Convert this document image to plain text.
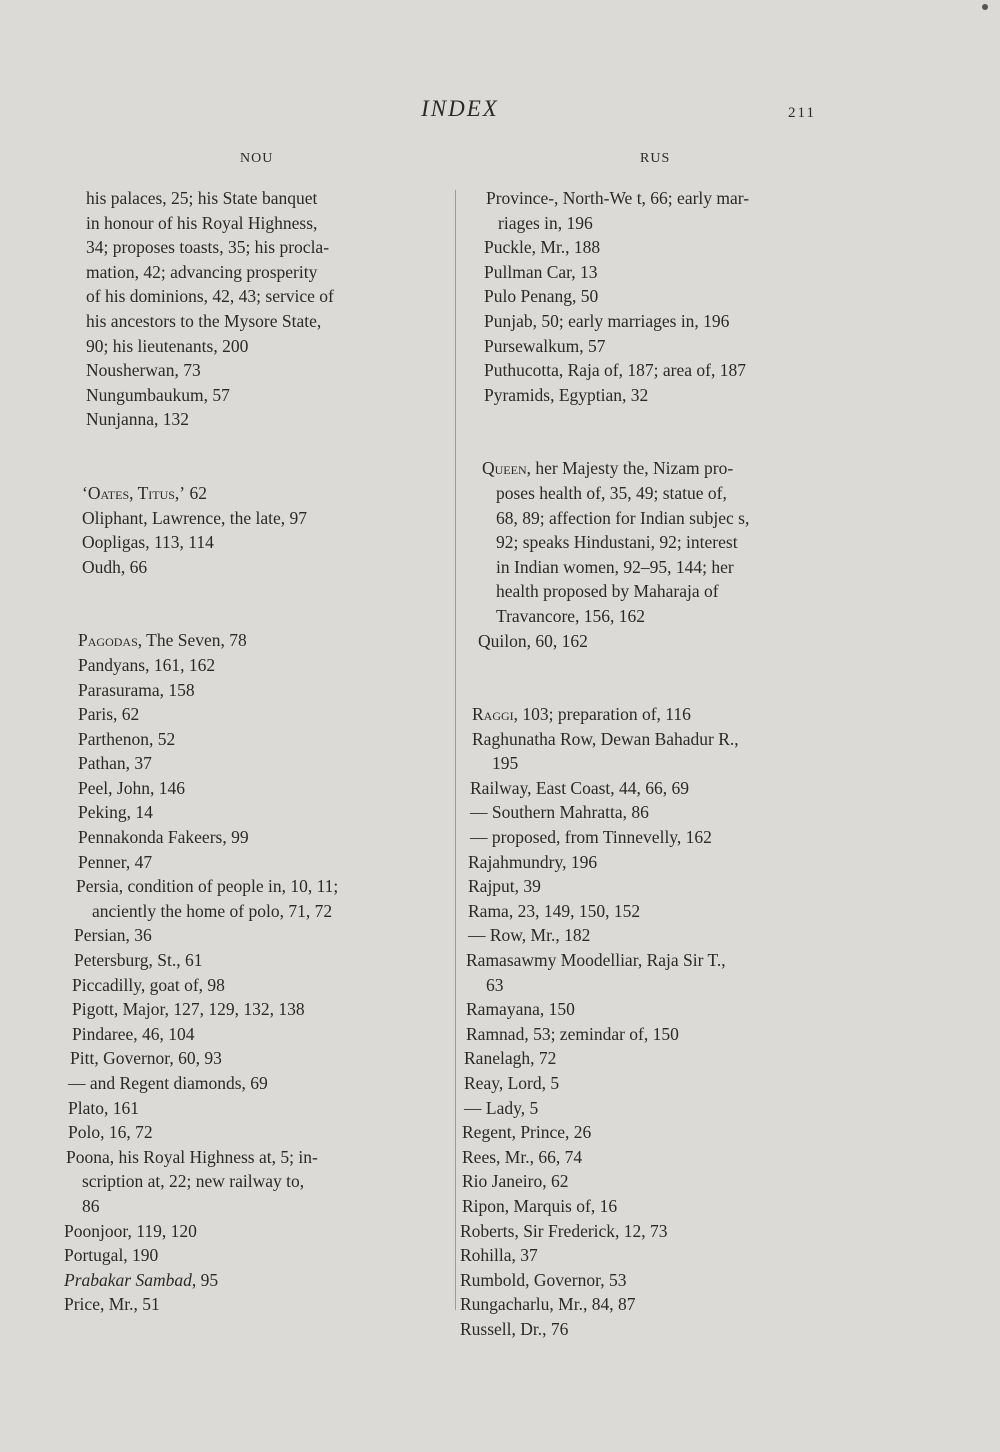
INDEX	211
NOU	RUS
his palaces, 25; his State banquet
in honour of his Royal Highness,
34; proposes toasts, 35; his procla-
mation, 42; advancing prosperity
of his dominions, 42, 43; service of
his ancestors to the Mysore State,
90; his lieutenants, 200
Nousherwan, 73
Nungumbaukum, 57
Nunjanna, 132
‘Oates, Titus,’ 62
Oliphant, Lawrence, the late, 97
Oopligas, 113, 114
Oudh, 66
Pagodas, The Seven, 78
Pandyans, 161, 162
Parasurama, 158
Paris, 62
Parthenon, 52
Pathan, 37
Peel, John, 146
Peking, 14
Pennakonda Fakeers, 99
Penner, 47
Persia, condition of people in, 10, 11;
anciently the home of polo, 71, 72
Persian, 36
Petersburg, St., 61
Piccadilly, goat of, 98
Pigott, Major, 127, 129, 132, 138
Pindaree, 46, 104
Pitt, Governor, 60, 93
— and Regent diamonds, 69
Plato, 161
Polo, 16, 72
Poona, his Royal Highness at, 5; in-
scription at, 22; new railway to,
86
Poonjoor, 119, 120
Portugal, 190
Prabakar Sambad, 95
Price, Mr., 51
Province‑, North-We t, 66; early mar-
riages in, 196
Puckle, Mr., 188
Pullman Car, 13
Pulo Penang, 50
Punjab, 50; early marriages in, 196
Pursewalkum, 57
Puthucotta, Raja of, 187; area of, 187
Pyramids, Egyptian, 32
Queen, her Majesty the, Nizam pro-
poses health of, 35, 49; statue of,
68, 89; affection for Indian subjec s,
92; speaks Hindustani, 92; interest
in Indian women, 92–95, 144; her
health proposed by Maharaja of
Travancore, 156, 162
Quilon, 60, 162
Raggi, 103; preparation of, 116
Raghunatha Row, Dewan Bahadur R.,
195
Railway, East Coast, 44, 66, 69
— Southern Mahratta, 86
— proposed, from Tinnevelly, 162
Rajahmundry, 196
Rajput, 39
Rama, 23, 149, 150, 152
— Row, Mr., 182
Ramasawmy Moodelliar, Raja Sir T.,
63
Ramayana, 150
Ramnad, 53; zemindar of, 150
Ranelagh, 72
Reay, Lord, 5
— Lady, 5
Regent, Prince, 26
Rees, Mr., 66, 74
Rio Janeiro, 62
Ripon, Marquis of, 16
Roberts, Sir Frederick, 12, 73
Rohilla, 37
Rumbold, Governor, 53
Rungacharlu, Mr., 84, 87
Russell, Dr., 76
